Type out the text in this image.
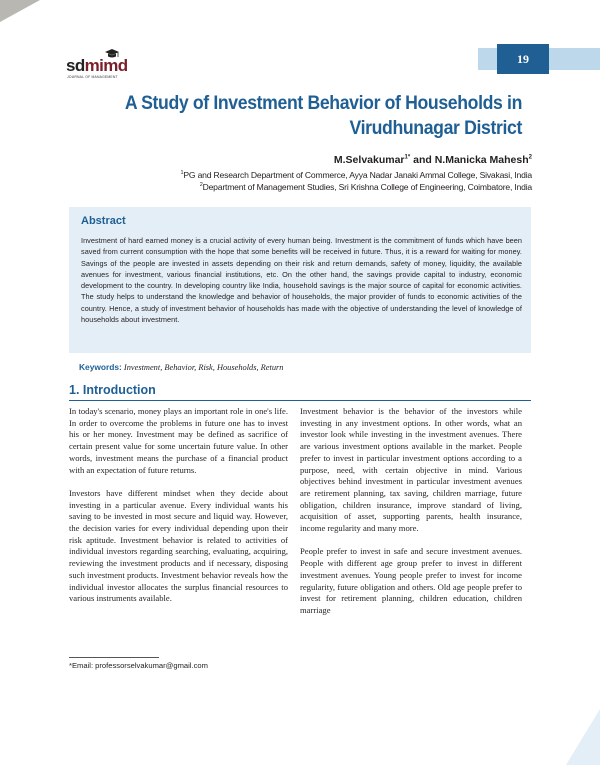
sdmimd
JOURNAL OF MANAGEMENT
19
A Study of Investment Behavior of Households in
Virudhunagar District
M.Selvakumar$^{1*}$ and N.Manicka Mahesh$^2$
$^1$PG and Research Department of Commerce, Ayya Nadar Janaki Ammal College, Sivakasi, India
$^2$Department of Management Studies, Sri Krishna College of Engineering, Coimbatore, India
Abstract

Investment of hard earned money is a crucial activity of every human being. Investment is the commitment of funds which have been saved from current consumption with the hope that some benefits will be received in future. Thus, it is a reward for waiting for money. Savings of the people are invested in assets depending on their risk and return demands, safety of money, liquidity, the available avenues for investment, various financial institutions, etc. On the other hand, the savings provide capital to industry, economic development to the country. In developing country like India, household savings is the major source of capital for economic activities. The study helps to understand the knowledge and behavior of households, the major provider of funds to economic activities of the country. Hence, a study of investment behavior of households has made with the objective of understanding the level of knowledge of households about investment.

Keywords: Investment, Behavior, Risk, Households, Return
1. Introduction

In today's scenario, money plays an important role in one's life. In order to overcome the problems in future one has to invest his or her money. Investment may be defined as sacrifice of certain present value for some uncertain future value. In other words, investment means the purchase of a financial product with an expectation of future returns.

Investors have different mindset when they decide about investing in a particular avenue. Every individual wants his saving to be invested in most secure and liquid way. However, the decision varies for every individual depending upon their risk aptitude. Investment behavior is related to activities of individual investors regarding searching, evaluating, acquiring, reviewing the investment products and if necessary, disposing such investment products. Investment behavior reveals how the individual investor allocates the surplus financial resources to various instruments available.

Investment behavior is the behavior of the investors while investing in any investment options. In other words, what an investor look while investing in the investment avenues. There are various investment options available in the market. People prefer to invest in particular investment options according to a purpose, need, with certain objective in mind. Various objectives behind investment in particular investment avenues are retirement planning, tax saving, children marriage, future obligation, children insurance, improve standard of living, acquisition of asset, supporting parents, health insurance, income regularity and many more.

People prefer to invest in safe and secure investment avenues. People with different age group prefer to invest in different investment avenues. Young people prefer to invest for income regularity, future obligation and others. Old age people prefer to invest for retirement planning, children education, children marriage

*Email: professorselvakumar@gmail.com
